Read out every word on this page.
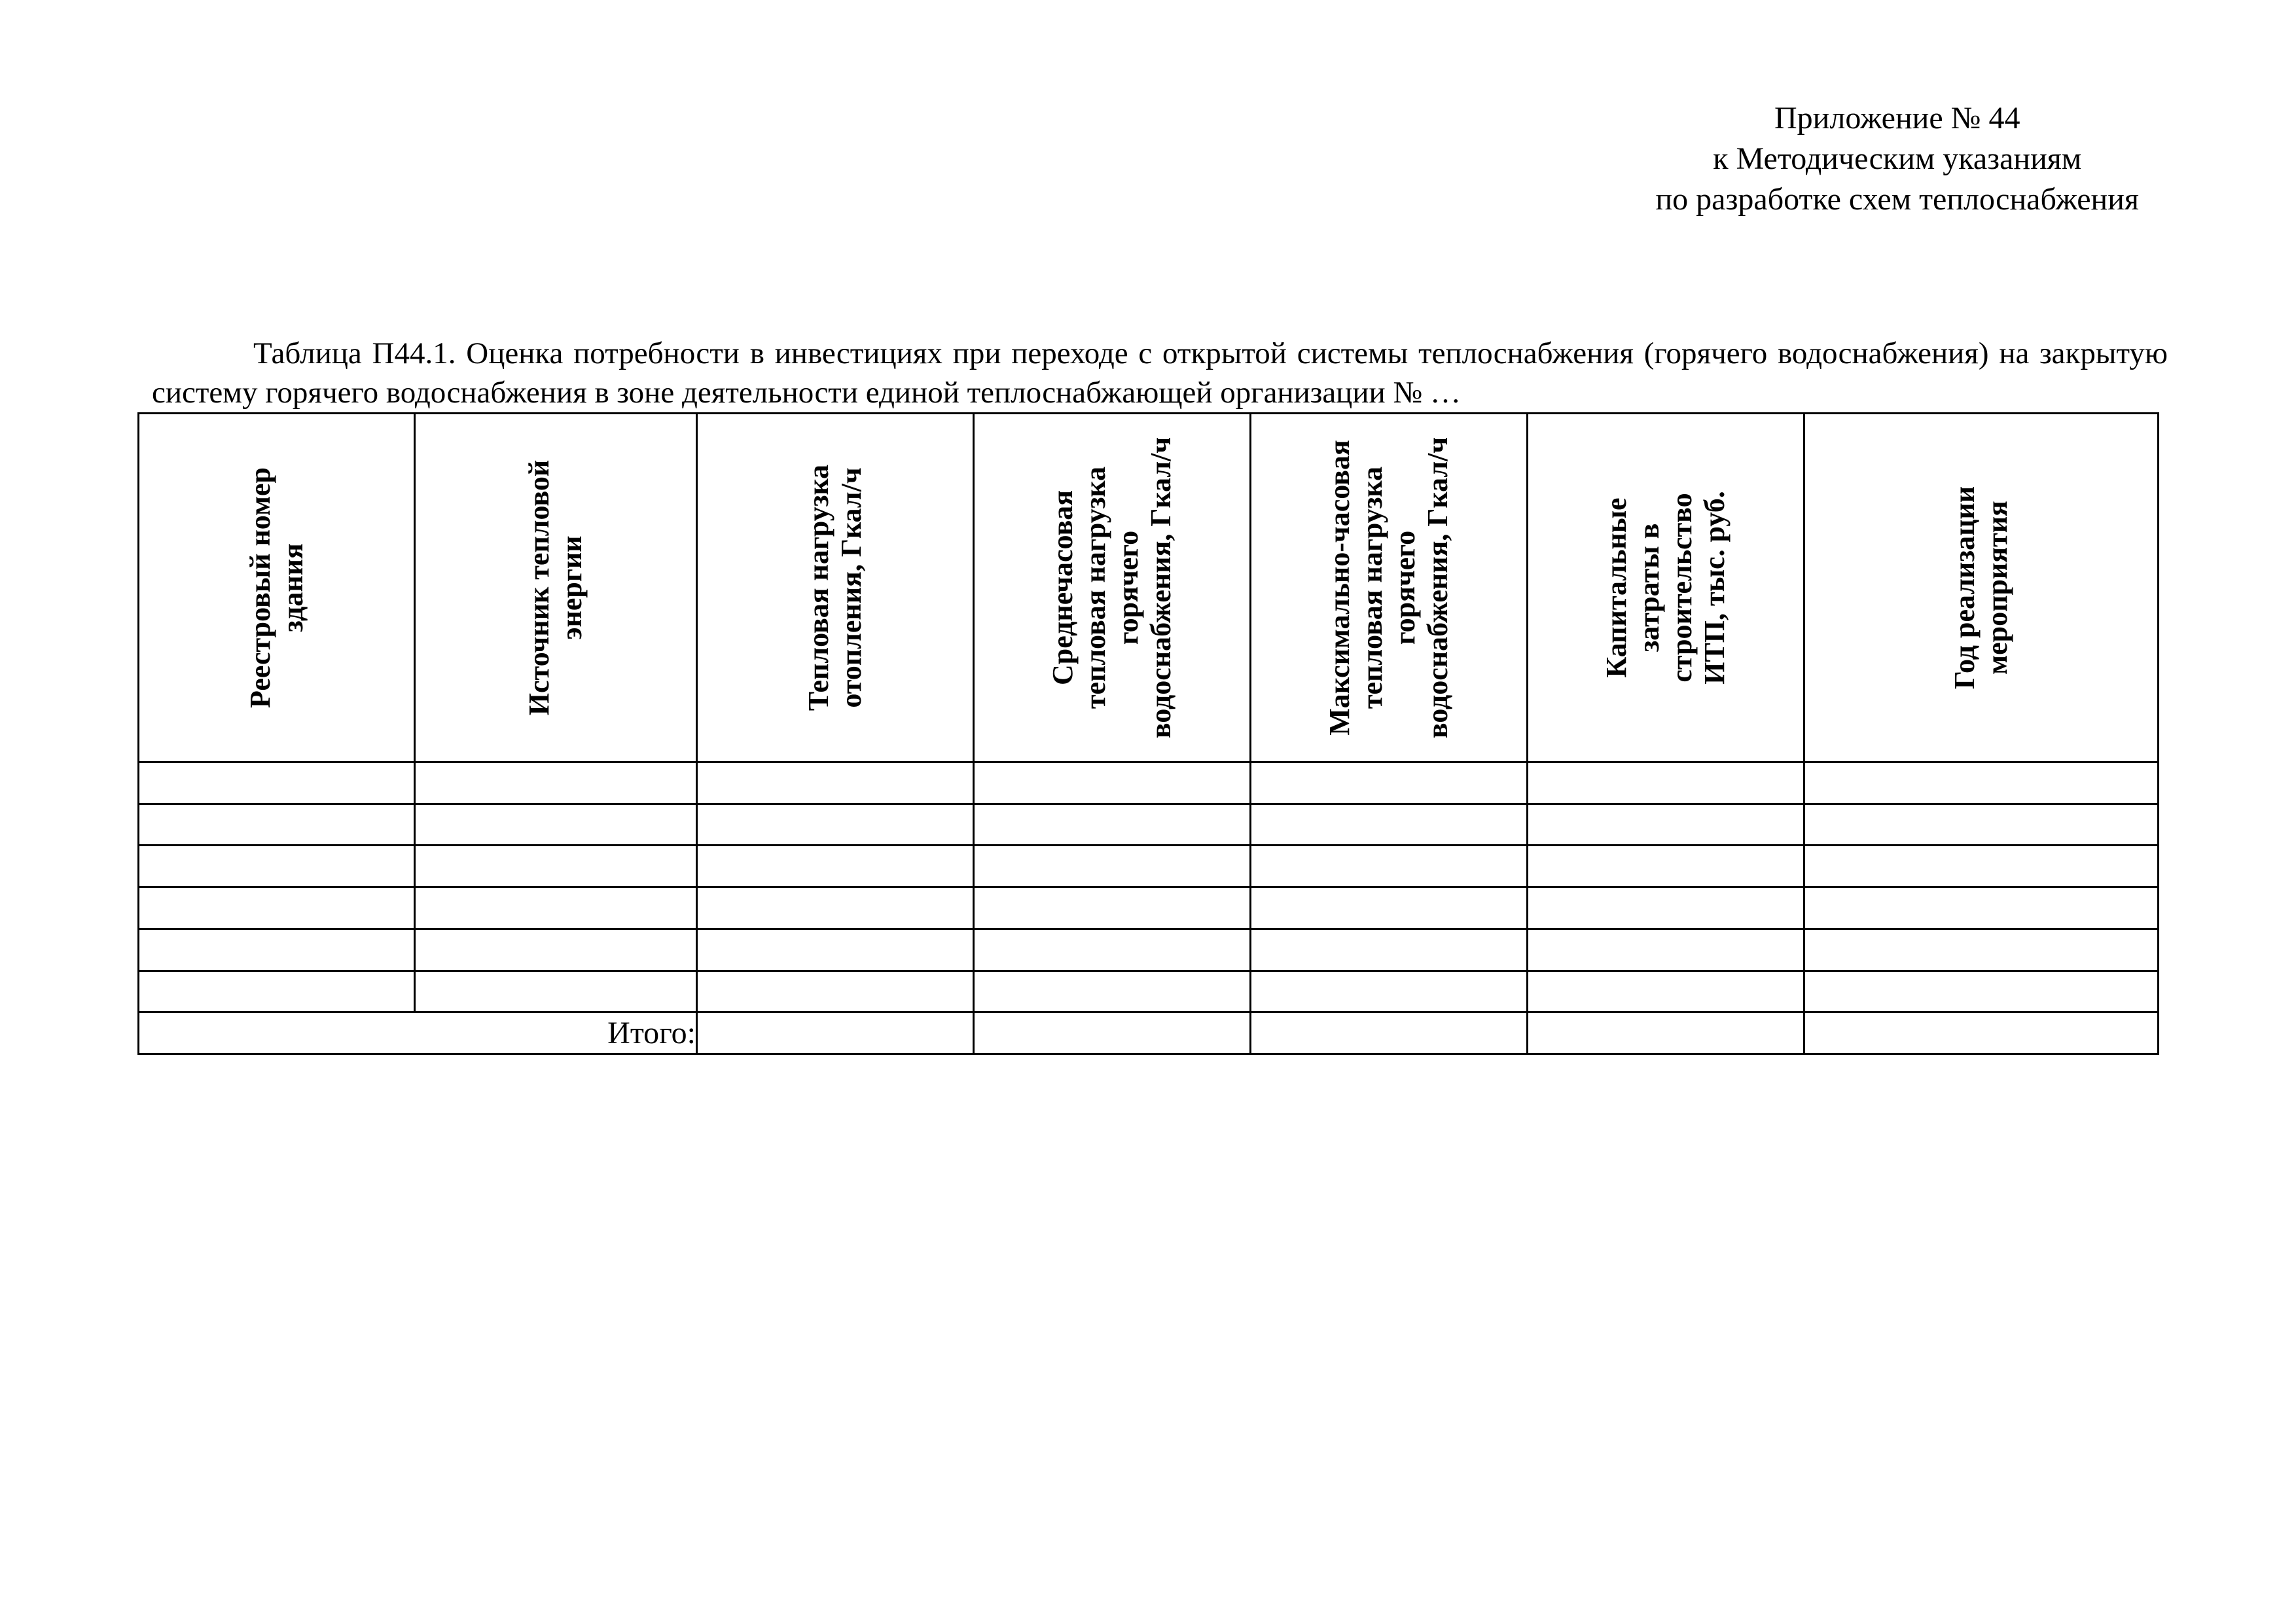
Приложение № 44
к Методическим указаниям
по разработке схем теплоснабжения
Таблица П44.1. Оценка потребности в инвестициях при переходе с открытой системы теплоснабжения (горячего водоснабжения) на закрытую систему горячего водоснабжения в зоне деятельности единой теплоснабжающей организации № …
Реестровый номер здания	Источник тепловой энергии	Тепловая нагрузка отопления, Гкал/ч	Среднечасовая тепловая нагрузка горячего водоснабжения, Гкал/ч	Максимально-часовая тепловая нагрузка горячего водоснабжения, Гкал/ч	Капитальные затраты в строительство ИТП, тыс. руб.	Год реализации мероприятия

Итого:						
